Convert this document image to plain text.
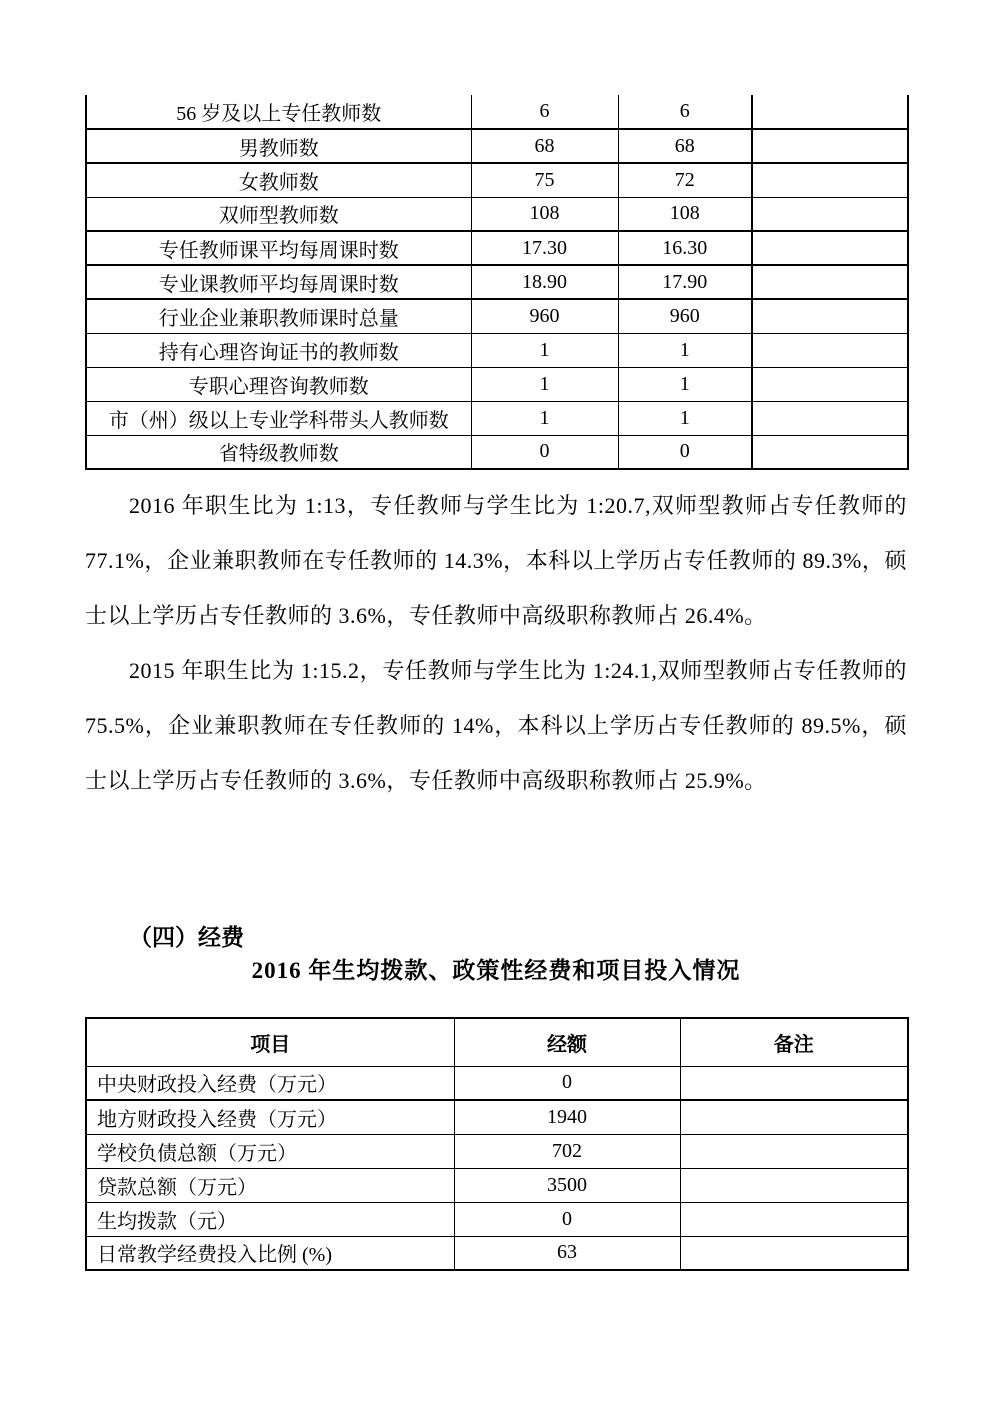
56 岁及以上专任教师数	6	6	
男教师数	68	68	
女教师数	75	72	
双师型教师数	108	108	
专任教师课平均每周课时数	17.30	16.30	
专业课教师平均每周课时数	18.90	17.90	
行业企业兼职教师课时总量	960	960	
持有心理咨询证书的教师数	1	1	
专职心理咨询教师数	1	1	
市（州）级以上专业学科带头人教师数	1	1	
省特级教师数	0	0	

2016 年职生比为 1:13，专任教师与学生比为 1:20.7,双师型教师占专任教师的 77.1%，企业兼职教师在专任教师的 14.3%，本科以上学历占专任教师的 89.3%，硕士以上学历占专任教师的 3.6%，专任教师中高级职称教师占 26.4%。

2015 年职生比为 1:15.2，专任教师与学生比为 1:24.1,双师型教师占专任教师的 75.5%，企业兼职教师在专任教师的 14%，本科以上学历占专任教师的 89.5%，硕士以上学历占专任教师的 3.6%，专任教师中高级职称教师占 25.9%。

（四）经费
2016 年生均拨款、政策性经费和项目投入情况
项目	经额	备注
中央财政投入经费（万元）	0	
地方财政投入经费（万元）	1940	
学校负债总额（万元）	702	
贷款总额（万元）	3500	
生均拨款（元）	0	
日常教学经费投入比例 (%)	63	
